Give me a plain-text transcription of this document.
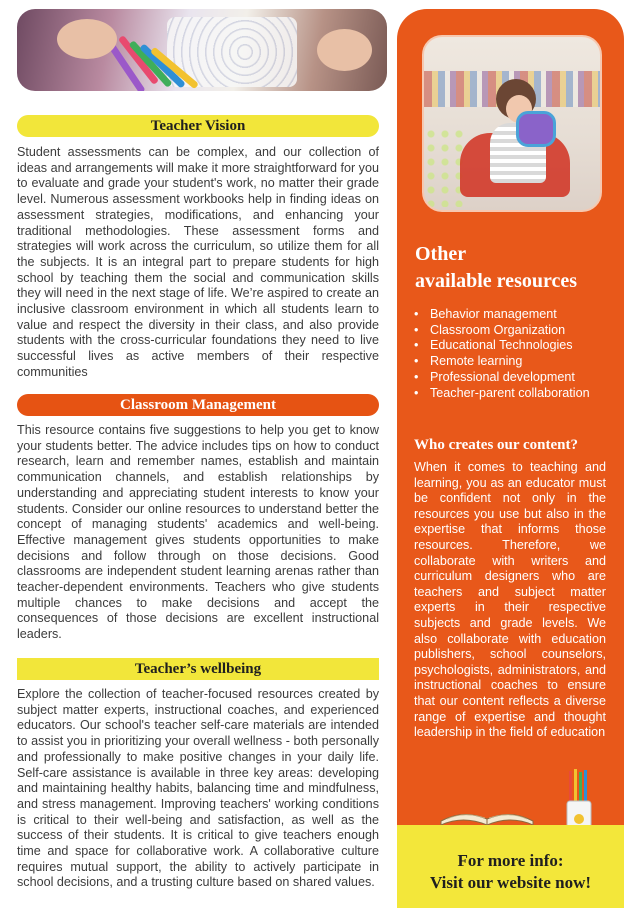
Teacher Vision

Student assessments can be complex, and our collection of ideas and arrangements will make it more straightforward for you to evaluate and grade your student's work, no matter their grade level. Numerous assessment workbooks help in finding ideas on assessment strategies, modifications, and enhancing your traditional methodologies. These assessment forms and strategies will work across the curriculum, so utilize them for all the subjects. It is an integral part to prepare students for high school by teaching them the social and communication skills they will need in the next stage of life. We’re aspired to create an inclusive classroom environment in which all students learn to value and respect the diversity in their class, and also provide students with the cross-curricular foundations they need to live successful lives as active members of their respective communities

Classroom Management

This resource contains five suggestions to help you get to know your students better. The advice includes tips on how to conduct research, learn and remember names, establish and maintain communication channels, and establish relationships by understanding and appreciating student interests to know your students. Consider our online resources to understand better the concept of managing students' academics and well-being. Effective management gives students opportunities to make decisions and follow through on those decisions. Good classrooms are independent student learning arenas rather than teacher-dependent environments. Teachers who give students multiple chances to make decisions and accept the consequences of those decisions are excellent instructional leaders.

Teacher’s wellbeing

Explore the collection of teacher-focused resources created by subject matter experts, instructional coaches, and experienced educators. Our school's teacher self-care materials are intended to assist you in prioritizing your overall wellness - both personally and professionally to make positive changes in your daily life. Self-care assistance is available in three key areas: developing and maintaining healthy habits, balancing time and mindfulness, and stress management. Improving teachers' working conditions is critical to their well-being and satisfaction, as well as the success of their students. It is critical to give teachers enough time and space for collaborative work. A collaborative culture requires mutual support, the ability to actively participate in school decisions, and a trusting culture based on shared values.

Other
available resources
• Behavior management
• Classroom Organization
• Educational Technologies
• Remote learning
• Professional development
• Teacher-parent collaboration
Who creates our content?

When it comes to teaching and learning, you as an educator must be confident not only in the resources you use but also in the expertise that informs those resources. Therefore, we collaborate with writers and curriculum designers who are teachers and subject matter experts in their respective subjects and grade levels. We also collaborate with education publishers, school counselors, psychologists, administrators, and instructional coaches to ensure that our content reflects a diverse range of expertise and thought leadership in the field of education

For more info:

Visit our website now!
